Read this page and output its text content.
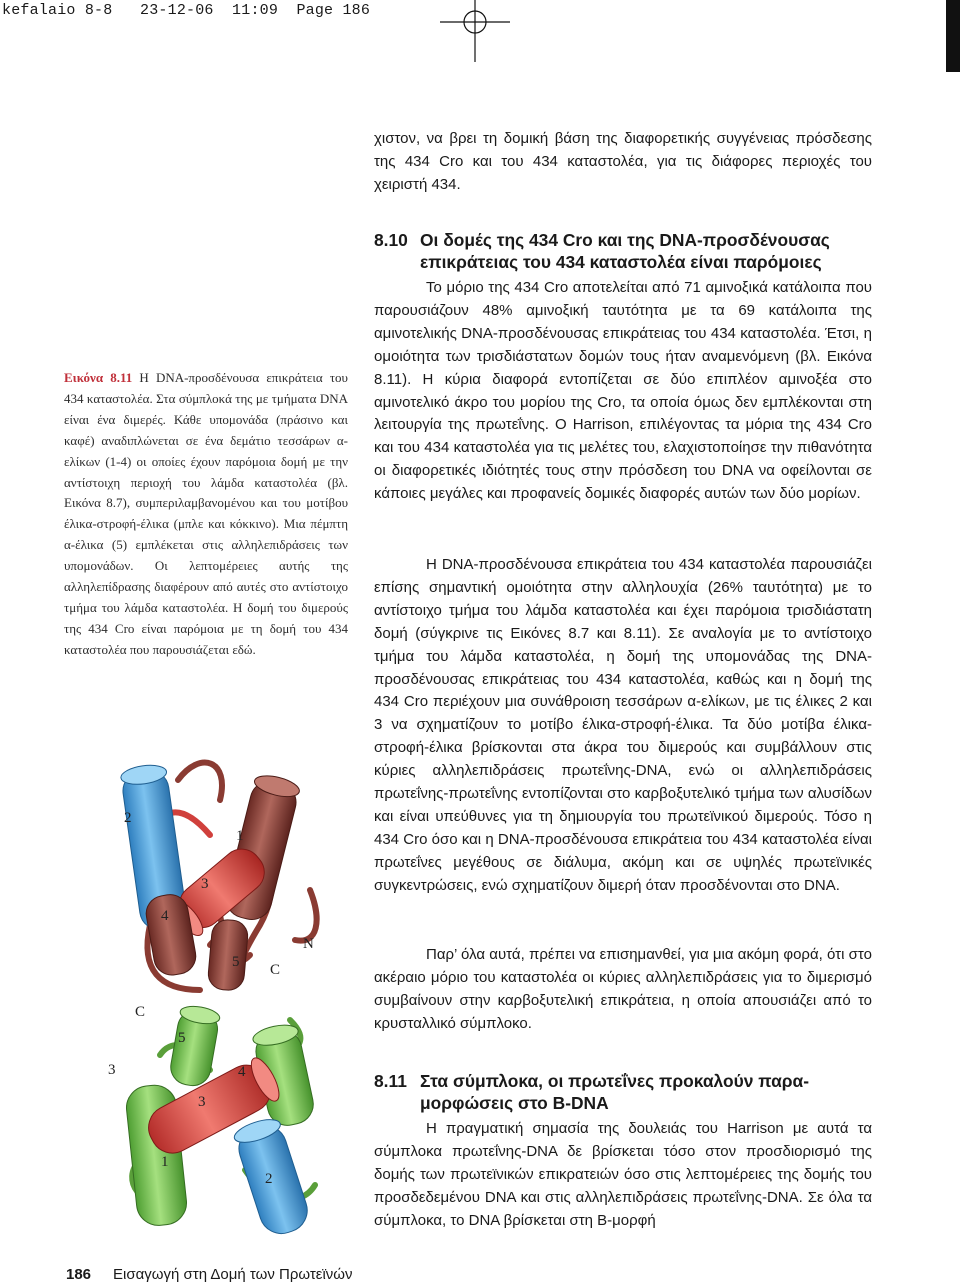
kefalaio 8-8   23-12-06  11:09  Page 186

χιστον, να βρει τη δομική βάση της διαφορετικής συγγένειας πρόσδεσης της 434 Cro και του 434 καταστολέα, για τις διάφορες περιοχές του χειριστή 434.

8.10 Οι δομές της 434 Cro και της DNA-προσδένουσας
επικράτειας του 434 καταστολέα είναι παρόμοιες

Το μόριο της 434 Cro αποτελείται από 71 αμινοξικά κατάλοιπα που παρουσιάζουν 48% αμινοξική ταυτότητα με τα 69 κατάλοιπα της αμινοτελικής DNA-προσδένουσας επικράτειας του 434 καταστολέα. Έτσι, η ομοιότητα των τρισδιάστατων δομών τους ήταν αναμενόμενη (βλ. Εικόνα 8.11). Η κύρια διαφορά εντοπίζεται σε δύο επιπλέον αμινοξέα στο αμινοτελικό άκρο του μορίου της Cro, τα οποία όμως δεν εμπλέκονται στη λειτουργία της πρωτεΐνης. Ο Harrison, επιλέγοντας τα μόρια της 434 Cro και του 434 καταστολέα για τις μελέτες του, ελαχιστοποίησε την πιθανότητα οι διαφορετικές ιδιότητές τους στην πρόσδεση του DNA να οφείλονται σε κάποιες μεγάλες και προφανείς δομικές διαφορές αυτών των δύο μορίων.

Η DNA-προσδένουσα επικράτεια του 434 καταστολέα παρουσιάζει επίσης σημαντική ομοιότητα στην αλληλουχία (26% ταυτότητα) με το αντίστοιχο τμήμα του λάμδα καταστολέα και έχει παρόμοια τρισδιάστατη δομή (σύγκρινε τις Εικόνες 8.7 και 8.11). Σε αναλογία με το αντίστοιχο τμήμα του λάμδα καταστολέα, η δομή της υπομονάδας της DNA-προσδένουσας επικράτειας του 434 καταστολέα, καθώς και η δομή της 434 Cro περιέχουν μια συνάθροιση τεσσάρων α-ελίκων, με τις έλικες 2 και 3 να σχηματίζουν το μοτίβο έλικα-στροφή-έλικα. Τα δύο μοτίβα έλικα-στροφή-έλικα βρίσκονται στα άκρα του διμερούς και συμβάλλουν στις κύριες αλληλεπιδράσεις πρωτεΐνης-DNA, ενώ οι αλληλεπιδράσεις πρωτεΐνης-πρωτεΐνης εντοπίζονται στο καρβοξυτελικό τμήμα των αλυσίδων και είναι υπεύθυνες για τη δημιουργία του πρωτεϊνικού διμερούς. Τόσο η 434 Cro όσο και η DNA-προσδένουσα επικράτεια του 434 καταστολέα είναι πρωτεΐνες μεγέθους σε διάλυμα, ακόμη και σε υψηλές πρωτεϊνικές συγκεντρώσεις, ενώ σχηματίζουν διμερή όταν προσδένονται στο DNA.

Παρ’ όλα αυτά, πρέπει να επισημανθεί, για μια ακόμη φορά, ότι στο ακέραιο μόριο του καταστολέα οι κύριες αλληλεπιδράσεις για το διμερισμό συμβαίνουν στην καρβοξυτελική επικράτεια, η οποία απουσιάζει από το κρυσταλλικό σύμπλοκο.

8.11 Στα σύμπλοκα, οι πρωτεΐνες προκαλούν παρα-
μορφώσεις στο B-DNA

Η πραγματική σημασία της δουλειάς του Harrison με αυτά τα σύμπλοκα πρωτεΐνης-DNA δε βρίσκεται τόσο στον προσδιορισμό της δομής των πρωτεϊνικών επικρατειών όσο στις λεπτομέρειες της δομής του προσδεδεμένου DNA και στις αλληλεπιδράσεις πρωτεΐνης-DNA. Σε όλα τα σύμπλοκα, το DNA βρίσκεται στη B-μορφή

Εικόνα 8.11 Η DNA-προσδένουσα επικράτεια του 434 καταστολέα. Στα σύμπλοκά της με τμήματα DNA είναι ένα διμερές. Κάθε υπομονάδα (πράσινο και καφέ) αναδιπλώνεται σε ένα δεμάτιο τεσσάρων α-ελίκων (1-4) οι οποίες έχουν παρόμοια δομή με την αντίστοιχη περιοχή του λάμδα καταστολέα (βλ. Εικόνα 8.7), συμπεριλαμβανομένου και του μοτίβου έλικα-στροφή-έλικα (μπλε και κόκκινο). Μια πέμπτη α-έλικα (5) εμπλέκεται στις αλληλεπιδράσεις των υπομονάδων. Οι λεπτομέρειες αυτής της αλληλεπίδρασης διαφέρουν από αυτές στο αντίστοιχο τμήμα του λάμδα καταστολέα. Η δομή του διμερούς της 434 Cro είναι παρόμοια με τη δομή του 434 καταστολέα που παρουσιάζεται εδώ.

2
1
3
4
5 C
N
C
5
4
3
3
1
2
186 Εισαγωγή στη Δομή των Πρωτεϊνών
